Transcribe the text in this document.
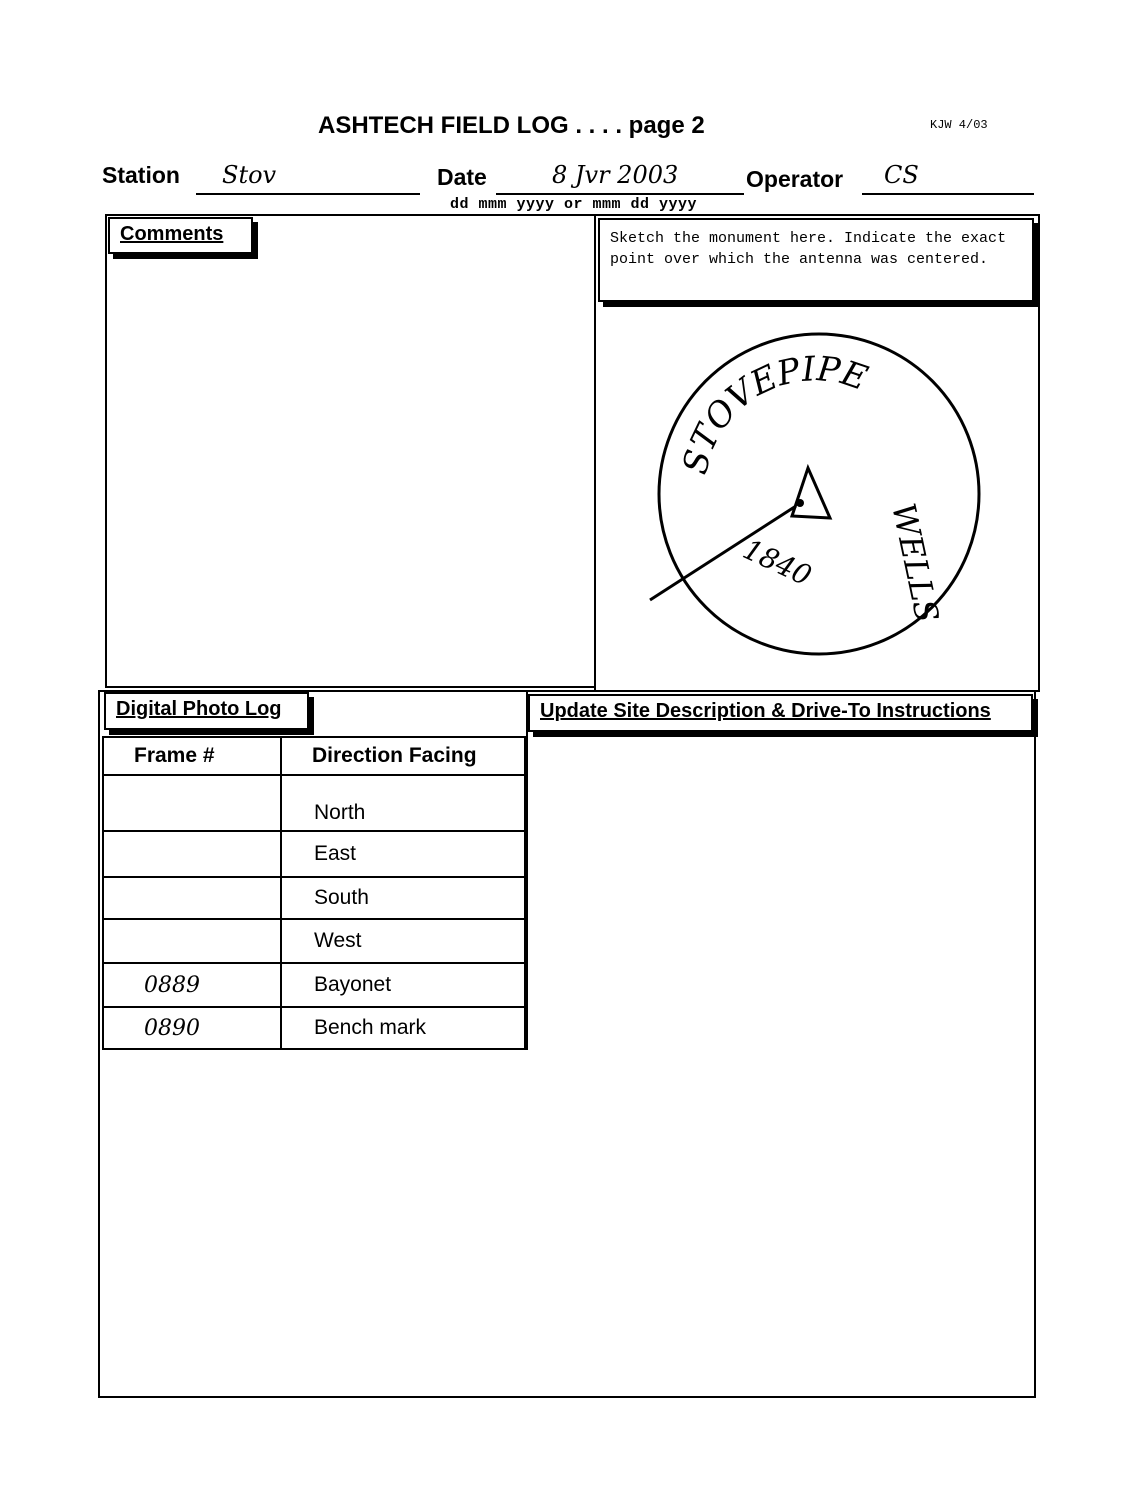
ASHTECH FIELD LOG . . . . page 2	KJW 4/03
Station Stov	Date	8 Jvr 2003
dd mmm yyyy or mmm dd yyyy
Operator CS
Comments	Sketch the monument here. Indicate the exact point over which the antenna was centered.
STOVEPIPE
WELLS
1840
Digital Photo Log	Update Site Description & Drive-To Instructions
Frame #	Direction Facing
	North
	East
	South
	West
0889	Bayonet
0890	Bench mark
